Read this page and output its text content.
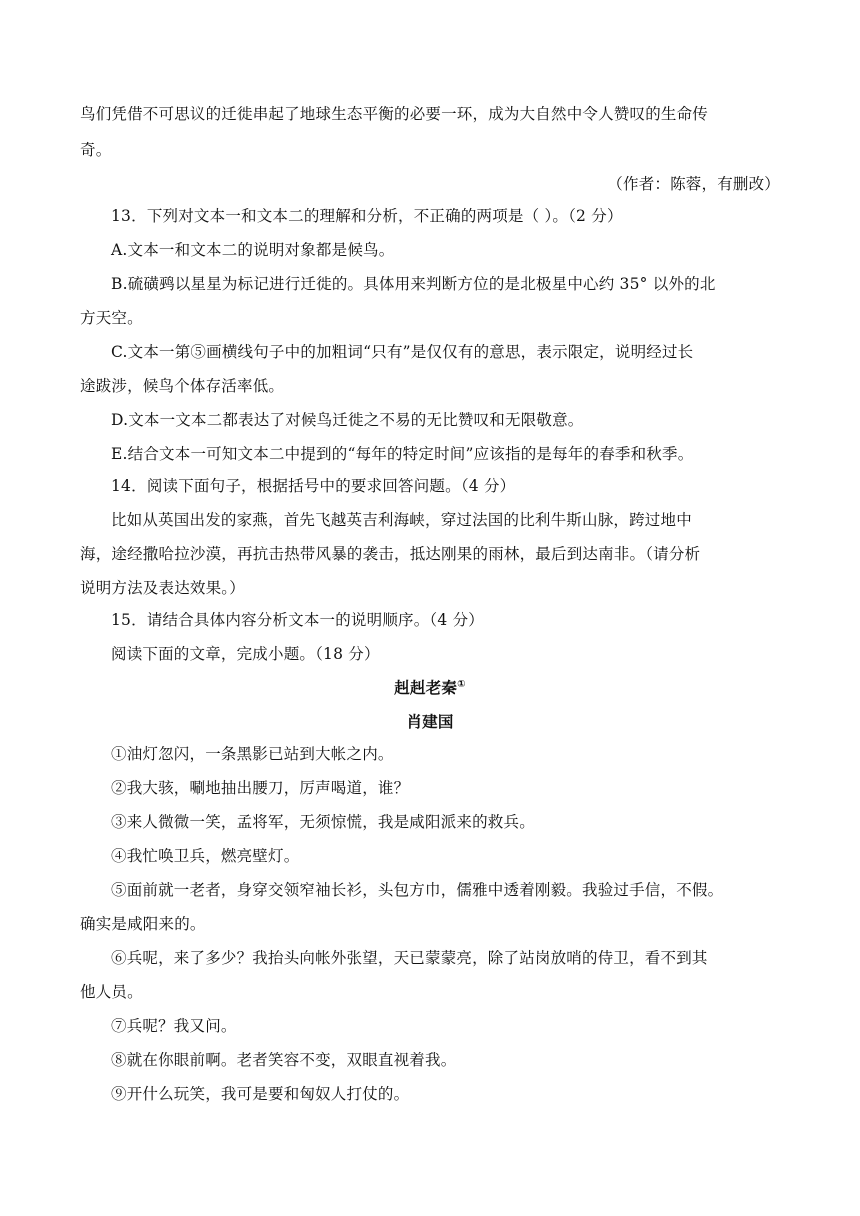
鸟们凭借不可思议的迁徙串起了地球生态平衡的必要一环，成为大自然中令人赞叹的生命传
奇。
（作者：陈蓉，有删改）
13．下列对文本一和文本二的理解和分析，不正确的两项是（ ）。（2 分）
A.文本一和文本二的说明对象都是候鸟。
B.硫磺鹀以星星为标记进行迁徙的。具体用来判断方位的是北极星中心约 35° 以外的北
方天空。
C.文本一第⑤画横线句子中的加粗词“只有”是仅仅有的意思，表示限定，说明经过长
途跋涉，候鸟个体存活率低。
D.文本一文本二都表达了对候鸟迁徙之不易的无比赞叹和无限敬意。
E.结合文本一可知文本二中提到的“每年的特定时间”应该指的是每年的春季和秋季。
14．阅读下面句子，根据括号中的要求回答问题。（4 分）
比如从英国出发的家燕，首先飞越英吉利海峡，穿过法国的比利牛斯山脉，跨过地中
海，途经撒哈拉沙漠，再抗击热带风暴的袭击，抵达刚果的雨林，最后到达南非。（请分析
说明方法及表达效果。）
15．请结合具体内容分析文本一的说明顺序。（4 分）
阅读下面的文章，完成小题。（18 分）
赳赳老秦①
肖建国
①油灯忽闪，一条黑影已站到大帐之内。
②我大骇，唰地抽出腰刀，厉声喝道，谁？
③来人微微一笑，孟将军，无须惊慌，我是咸阳派来的救兵。
④我忙唤卫兵，燃亮壁灯。
⑤面前就一老者，身穿交领窄袖长衫，头包方巾，儒雅中透着刚毅。我验过手信，不假。
确实是咸阳来的。
⑥兵呢，来了多少？我抬头向帐外张望，天已蒙蒙亮，除了站岗放哨的侍卫，看不到其
他人员。
⑦兵呢？我又问。
⑧就在你眼前啊。老者笑容不变，双眼直视着我。
⑨开什么玩笑，我可是要和匈奴人打仗的。
